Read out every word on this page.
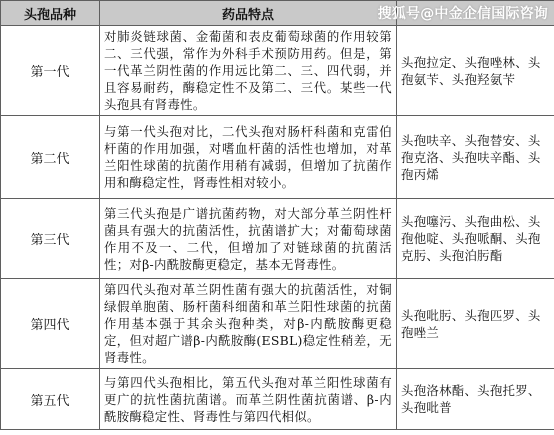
头孢品种	药品特点	
第一代	对肺炎链球菌、金葡菌和表皮葡萄球菌的作用较第二、三代强，常作为外科手术预防用药。但是，第一代革兰阴性菌的作用远比第二、三、四代弱，并且容易耐药，酶稳定性不及第二、三代。某些一代头孢具有肾毒性。	头孢拉定、头孢唑林、头孢氨苄、头孢羟氨苄
第二代	与第一代头孢对比，二代头孢对肠杆科菌和克雷伯杆菌的作用加强，对嗜血杆菌的活性也增加，对革兰阳性球菌的抗菌作用稍有减弱，但增加了抗菌作用和酶稳定性，肾毒性相对较小。	头孢呋辛、头孢替安、头孢克洛、头孢呋辛酯、头孢丙烯
第三代	第三代头孢是广谱抗菌药物，对大部分革兰阴性杆菌具有强大的抗菌活性，抗菌谱扩大；对葡萄球菌作用不及一、二代，但增加了对链球菌的抗菌活性；对β-内酰胺酶更稳定，基本无肾毒性。	头孢噻污、头孢曲松、头孢他啶、头孢哌酮、头孢克肟、头孢泊肟酯
第四代	第四代头孢对革兰阴性菌有强大的抗菌活性，对铜绿假单胞菌、肠杆菌科细菌和革兰阳性球菌的抗菌作用基本强于其余头孢种类，对β-内酰胺酶更稳定，但对超广谱β-内酰胺酶(ESBL)稳定性稍差，无肾毒性。	头孢吡肟、头孢匹罗、头孢唑兰
第五代	与第四代头孢相比，第五代头孢对革兰阳性球菌有更广的抗性菌抗菌谱。而革兰阴性菌抗菌谱、β-内酰胺酶稳定性、肾毒性与第四代相似。	头孢洛林酯、头孢托罗、头孢吡普
搜狐号@中金企信国际咨询
